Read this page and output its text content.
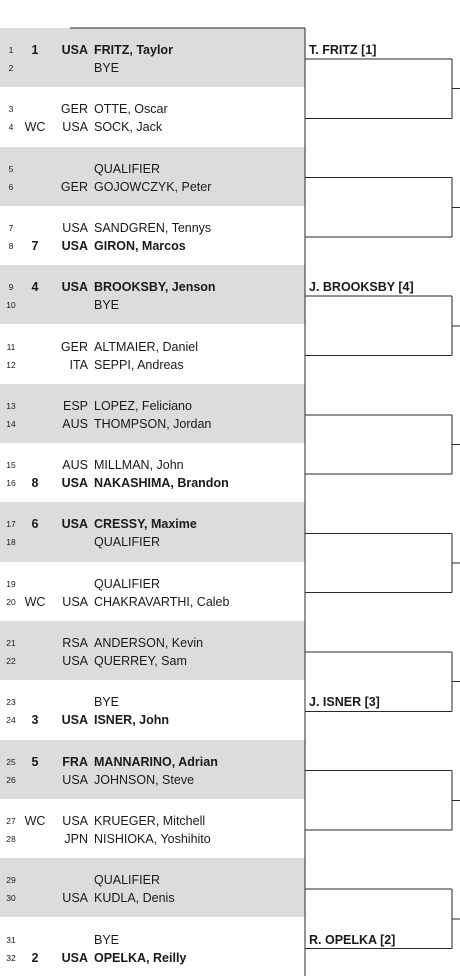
1	1	USA FRITZ, Taylor
2	BYE
3	GER OTTE, Oscar
4 WC	USA SOCK, Jack
5	QUALIFIER
6	GER GOJOWCZYK, Peter
7	USA SANDGREN, Tennys
8	7	USA GIRON, Marcos
9	4	USA BROOKSBY, Jenson
10	BYE
11	GER ALTMAIER, Daniel
12	ITA SEPPI, Andreas
13	ESP LOPEZ, Feliciano
14	AUS THOMPSON, Jordan
15	AUS MILLMAN, John
16	8	USA NAKASHIMA, Brandon
17	6	USA CRESSY, Maxime
18	QUALIFIER
19	QUALIFIER
20 WC	USA CHAKRAVARTHI, Caleb
21	RSA ANDERSON, Kevin
22	USA QUERREY, Sam
23	BYE
24	3	USA ISNER, John
25	5	FRA MANNARINO, Adrian
26	USA JOHNSON, Steve
27 WC	USA KRUEGER, Mitchell
28	JPN NISHIOKA, Yoshihito
29	QUALIFIER
30	USA KUDLA, Denis
31	BYE
32	2	USA OPELKA, Reilly
T. FRITZ [1]
J. BROOKSBY [4]
J. ISNER [3]
R. OPELKA [2]
